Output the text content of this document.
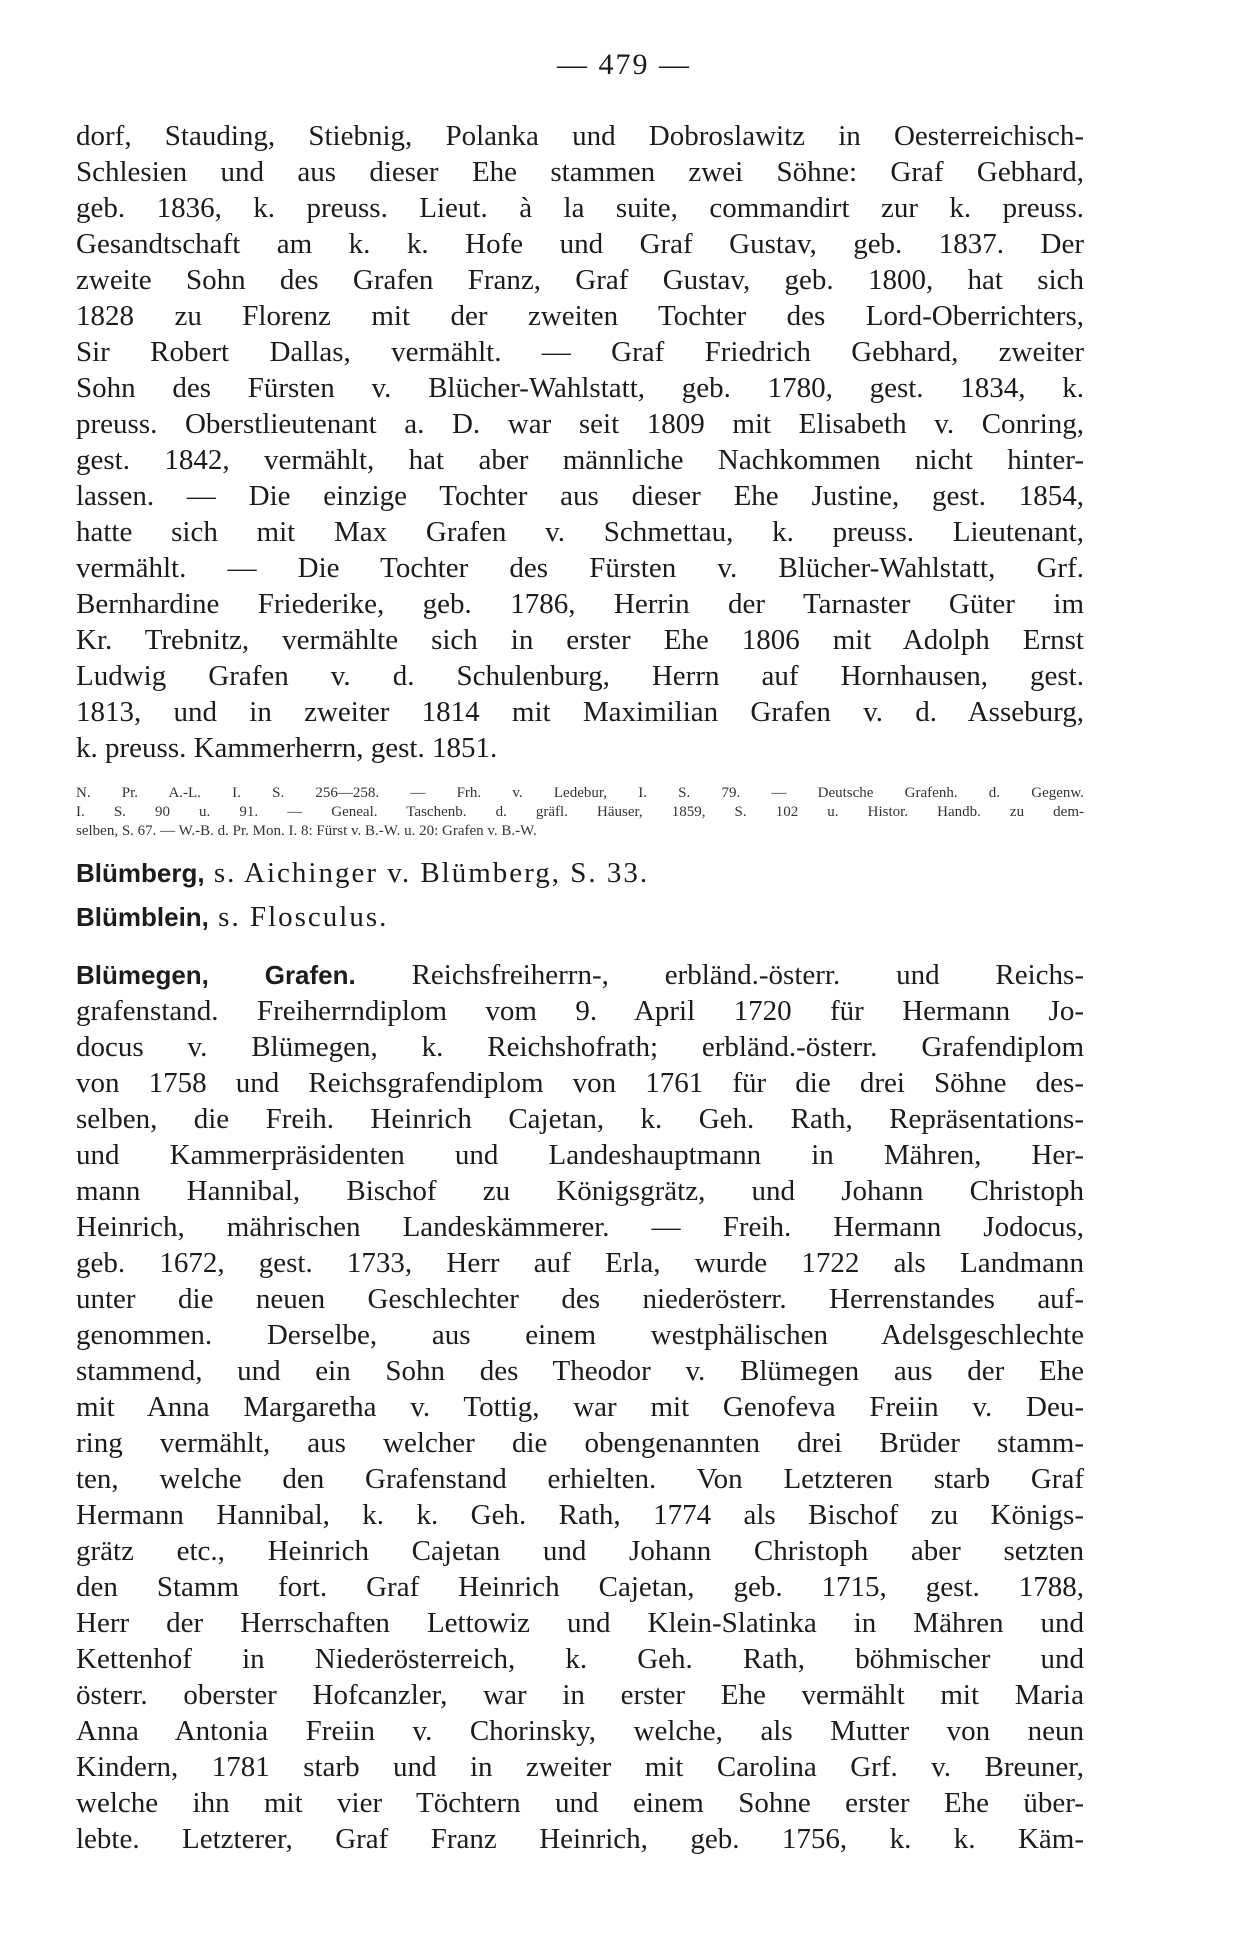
— 479 —
dorf, Stauding, Stiebnig, Polanka und Dobroslawitz in Oesterreichisch-
Schlesien und aus dieser Ehe stammen zwei Söhne: Graf Gebhard,
geb. 1836, k. preuss. Lieut. à la suite, commandirt zur k. preuss.
Gesandtschaft am k. k. Hofe und Graf Gustav, geb. 1837. Der
zweite Sohn des Grafen Franz, Graf Gustav, geb. 1800, hat sich
1828 zu Florenz mit der zweiten Tochter des Lord-Oberrichters,
Sir Robert Dallas, vermählt. — Graf Friedrich Gebhard, zweiter
Sohn des Fürsten v. Blücher-Wahlstatt, geb. 1780, gest. 1834, k.
preuss. Oberstlieutenant a. D. war seit 1809 mit Elisabeth v. Conring,
gest. 1842, vermählt, hat aber männliche Nachkommen nicht hinter-
lassen. — Die einzige Tochter aus dieser Ehe Justine, gest. 1854,
hatte sich mit Max Grafen v. Schmettau, k. preuss. Lieutenant,
vermählt. — Die Tochter des Fürsten v. Blücher-Wahlstatt, Grf.
Bernhardine Friederike, geb. 1786, Herrin der Tarnaster Güter im
Kr. Trebnitz, vermählte sich in erster Ehe 1806 mit Adolph Ernst
Ludwig Grafen v. d. Schulenburg, Herrn auf Hornhausen, gest.
1813, und in zweiter 1814 mit Maximilian Grafen v. d. Asseburg,
k. preuss. Kammerherrn, gest. 1851.
N. Pr. A.-L. I. S. 256—258. — Frh. v. Ledebur, I. S. 79. — Deutsche Grafenh. d. Gegenw.
I. S. 90 u. 91. — Geneal. Taschenb. d. gräfl. Häuser, 1859, S. 102 u. Histor. Handb. zu dem-
selben, S. 67. — W.-B. d. Pr. Mon. I. 8: Fürst v. B.-W. u. 20: Grafen v. B.-W.
Blümberg, s. Aichinger v. Blümberg, S. 33.
Blümblein, s. Flosculus.
Blümegen, Grafen. Reichsfreiherrn-, erbländ.-österr. und Reichs-
grafenstand. Freiherrndiplom vom 9. April 1720 für Hermann Jo-
docus v. Blümegen, k. Reichshofrath; erbländ.-österr. Grafendiplom
von 1758 und Reichsgrafendiplom von 1761 für die drei Söhne des-
selben, die Freih. Heinrich Cajetan, k. Geh. Rath, Repräsentations-
und Kammerpräsidenten und Landeshauptmann in Mähren, Her-
mann Hannibal, Bischof zu Königsgrätz, und Johann Christoph
Heinrich, mährischen Landeskämmerer. — Freih. Hermann Jodocus,
geb. 1672, gest. 1733, Herr auf Erla, wurde 1722 als Landmann
unter die neuen Geschlechter des niederösterr. Herrenstandes auf-
genommen. Derselbe, aus einem westphälischen Adelsgeschlechte
stammend, und ein Sohn des Theodor v. Blümegen aus der Ehe
mit Anna Margaretha v. Tottig, war mit Genofeva Freiin v. Deu-
ring vermählt, aus welcher die obengenannten drei Brüder stamm-
ten, welche den Grafenstand erhielten. Von Letzteren starb Graf
Hermann Hannibal, k. k. Geh. Rath, 1774 als Bischof zu Königs-
grätz etc., Heinrich Cajetan und Johann Christoph aber setzten
den Stamm fort. Graf Heinrich Cajetan, geb. 1715, gest. 1788,
Herr der Herrschaften Lettowiz und Klein-Slatinka in Mähren und
Kettenhof in Niederösterreich, k. Geh. Rath, böhmischer und
österr. oberster Hofcanzler, war in erster Ehe vermählt mit Maria
Anna Antonia Freiin v. Chorinsky, welche, als Mutter von neun
Kindern, 1781 starb und in zweiter mit Carolina Grf. v. Breuner,
welche ihn mit vier Töchtern und einem Sohne erster Ehe über-
lebte. Letzterer, Graf Franz Heinrich, geb. 1756, k. k. Käm-
